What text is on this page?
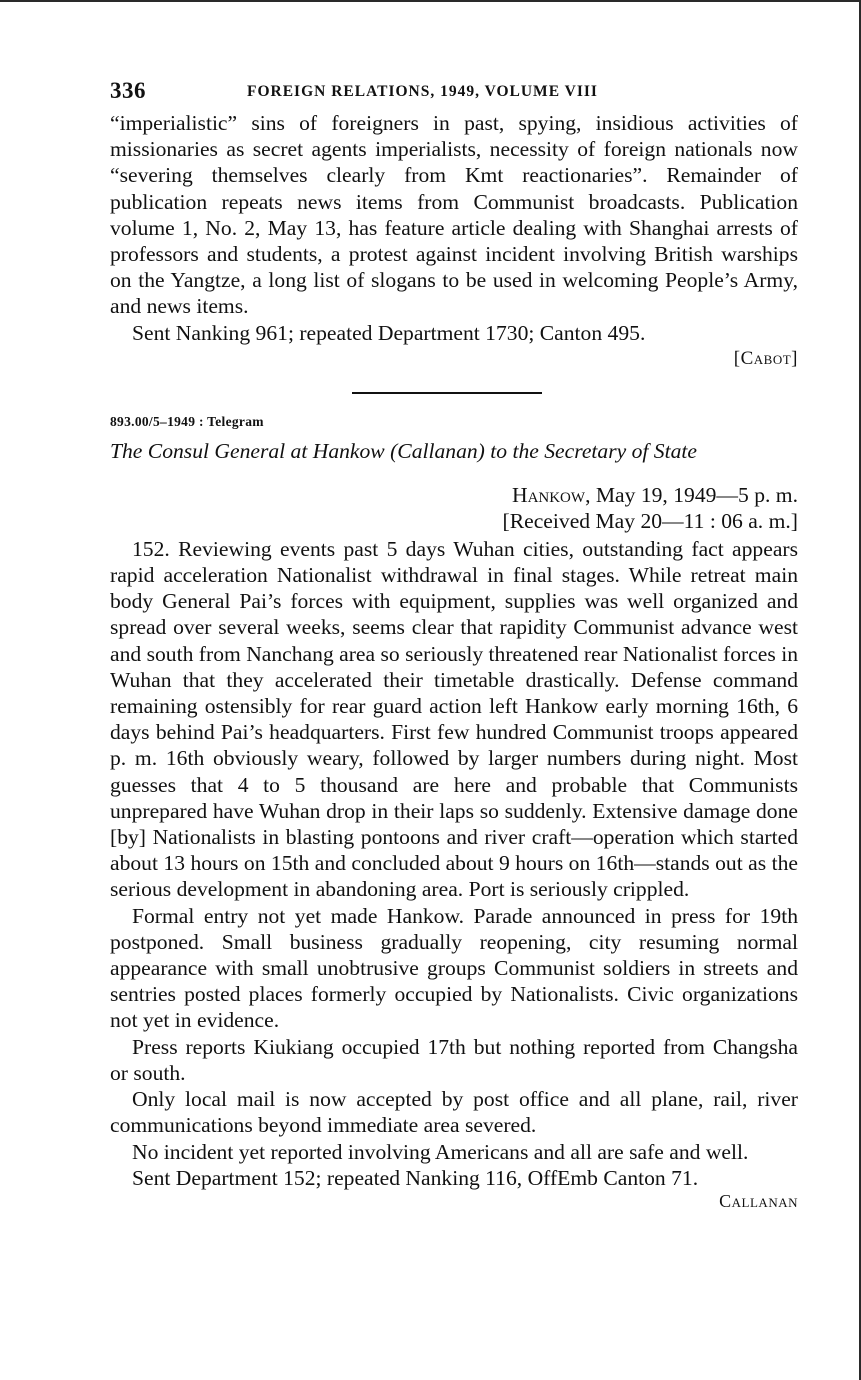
336	FOREIGN RELATIONS, 1949, VOLUME VIII

“imperialistic” sins of foreigners in past, spying, insidious activities of missionaries as secret agents imperialists, necessity of foreign nationals now “severing themselves clearly from Kmt reactionaries”. Remainder of publication repeats news items from Communist broadcasts. Publication volume 1, No. 2, May 13, has feature article dealing with Shanghai arrests of professors and students, a protest against incident involving British warships on the Yangtze, a long list of slogans to be used in welcoming People’s Army, and news items.

Sent Nanking 961; repeated Department 1730; Canton 495.

[Cabot]

893.00/5–1949 : Telegram
The Consul General at Hankow (Callanan) to the Secretary of State
Hankow, May 19, 1949—5 p. m.
[Received May 20—11 : 06 a. m.]

152. Reviewing events past 5 days Wuhan cities, outstanding fact appears rapid acceleration Nationalist withdrawal in final stages. While retreat main body General Pai’s forces with equipment, supplies was well organized and spread over several weeks, seems clear that rapidity Communist advance west and south from Nanchang area so seriously threatened rear Nationalist forces in Wuhan that they accelerated their timetable drastically. Defense command remaining ostensibly for rear guard action left Hankow early morning 16th, 6 days behind Pai’s headquarters. First few hundred Communist troops appeared p. m. 16th obviously weary, followed by larger numbers during night. Most guesses that 4 to 5 thousand are here and probable that Communists unprepared have Wuhan drop in their laps so suddenly. Extensive damage done [by] Nationalists in blasting pontoons and river craft—operation which started about 13 hours on 15th and concluded about 9 hours on 16th—stands out as the serious development in abandoning area. Port is seriously crippled.

Formal entry not yet made Hankow. Parade announced in press for 19th postponed. Small business gradually reopening, city resuming normal appearance with small unobtrusive groups Communist soldiers in streets and sentries posted places formerly occupied by Nationalists. Civic organizations not yet in evidence.

Press reports Kiukiang occupied 17th but nothing reported from Changsha or south.

Only local mail is now accepted by post office and all plane, rail, river communications beyond immediate area severed.

No incident yet reported involving Americans and all are safe and well.

Sent Department 152; repeated Nanking 116, OffEmb Canton 71.

Callanan
